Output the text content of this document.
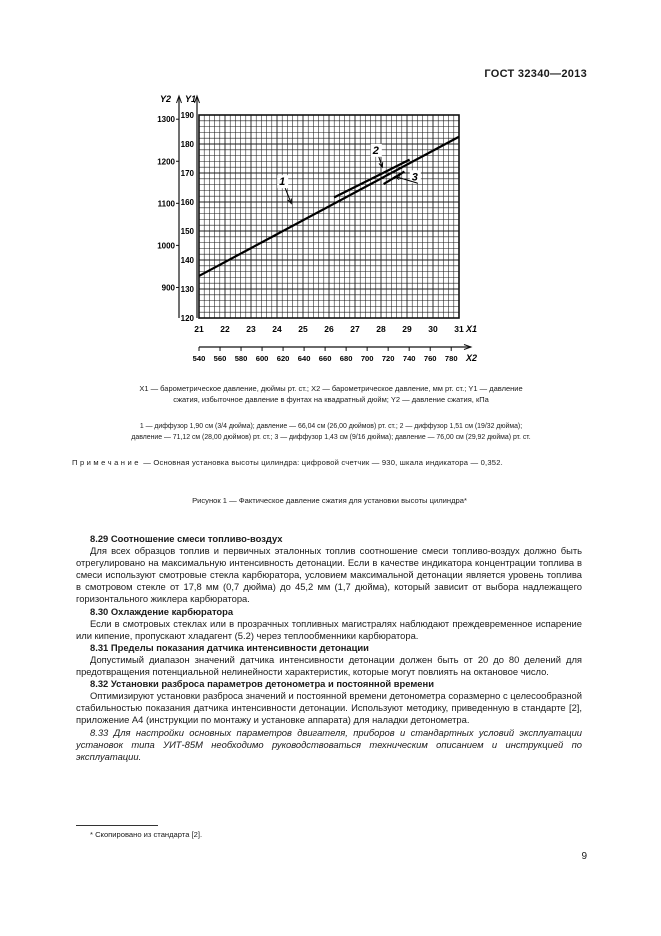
ГОСТ 32340—2013
Y2 Y1
120
130
140
150
160
170
180
190
900
1000
1100
1200
1300
21 22 23 24 25 26 27 28 29 30 31 X1
540 560 580 600 620 640 660 680 700 720 740 760 780 X2
1
2
3
X1 — барометрическое давление, дюймы рт. ст.; X2 — барометрическое давление, мм рт. ст.; Y1 — давление
сжатия, избыточное давление в фунтах на квадратный дюйм; Y2 — давление сжатия, кПа
1 — диффузор 1,90 см (3/4 дюйма); давление — 66,04 см (26,00 дюймов) рт. ст.; 2 — диффузор 1,51 см (19/32 дюйма);
давление — 71,12 см (28,00 дюймов) рт. ст.; 3 — диффузор 1,43 см (9/16 дюйма); давление — 76,00 см (29,92 дюйма) рт. ст.
Примечание — Основная установка высоты цилиндра: цифровой счетчик — 930, шкала индикатора — 0,352.
Рисунок 1 — Фактическое давление сжатия для установки высоты цилиндра*
8.29 Соотношение смеси топливо-воздух

Для всех образцов топлив и первичных эталонных топлив соотношение смеси топливо-воздух должно быть отрегулировано на максимальную интенсивность детонации. Если в качестве индикатора концентрации топлива в смеси используют смотровые стекла карбюратора, условием максимальной детонации является уровень топлива в смотровом стекле от 17,8 мм (0,7 дюйма) до 45,2 мм (1,7 дюйма), который зависит от выбора надлежащего горизонтального жиклера карбюратора.

8.30 Охлаждение карбюратора

Если в смотровых стеклах или в прозрачных топливных магистралях наблюдают преждевременное испарение или кипение, пропускают хладагент (5.2) через теплообменники карбюратора.

8.31 Пределы показания датчика интенсивности детонации

Допустимый диапазон значений датчика интенсивности детонации должен быть от 20 до 80 делений для предотвращения потенциальной нелинейности характеристик, которые могут повлиять на октановое число.

8.32 Установки разброса параметров детонометра и постоянной времени

Оптимизируют установки разброса значений и постоянной времени детонометра соразмерно с целесообразной стабильностью показания датчика интенсивности детонации. Используют методику, приведенную в стандарте [2], приложение А4 (инструкции по монтажу и установке аппарата) для наладки детонометра.

8.33 Для настройки основных параметров двигателя, приборов и стандартных условий эксплуатации установок типа УИТ-85М необходимо руководствоваться техническим описанием и инструкцией по эксплуатации.

* Скопировано из стандарта [2].
9
